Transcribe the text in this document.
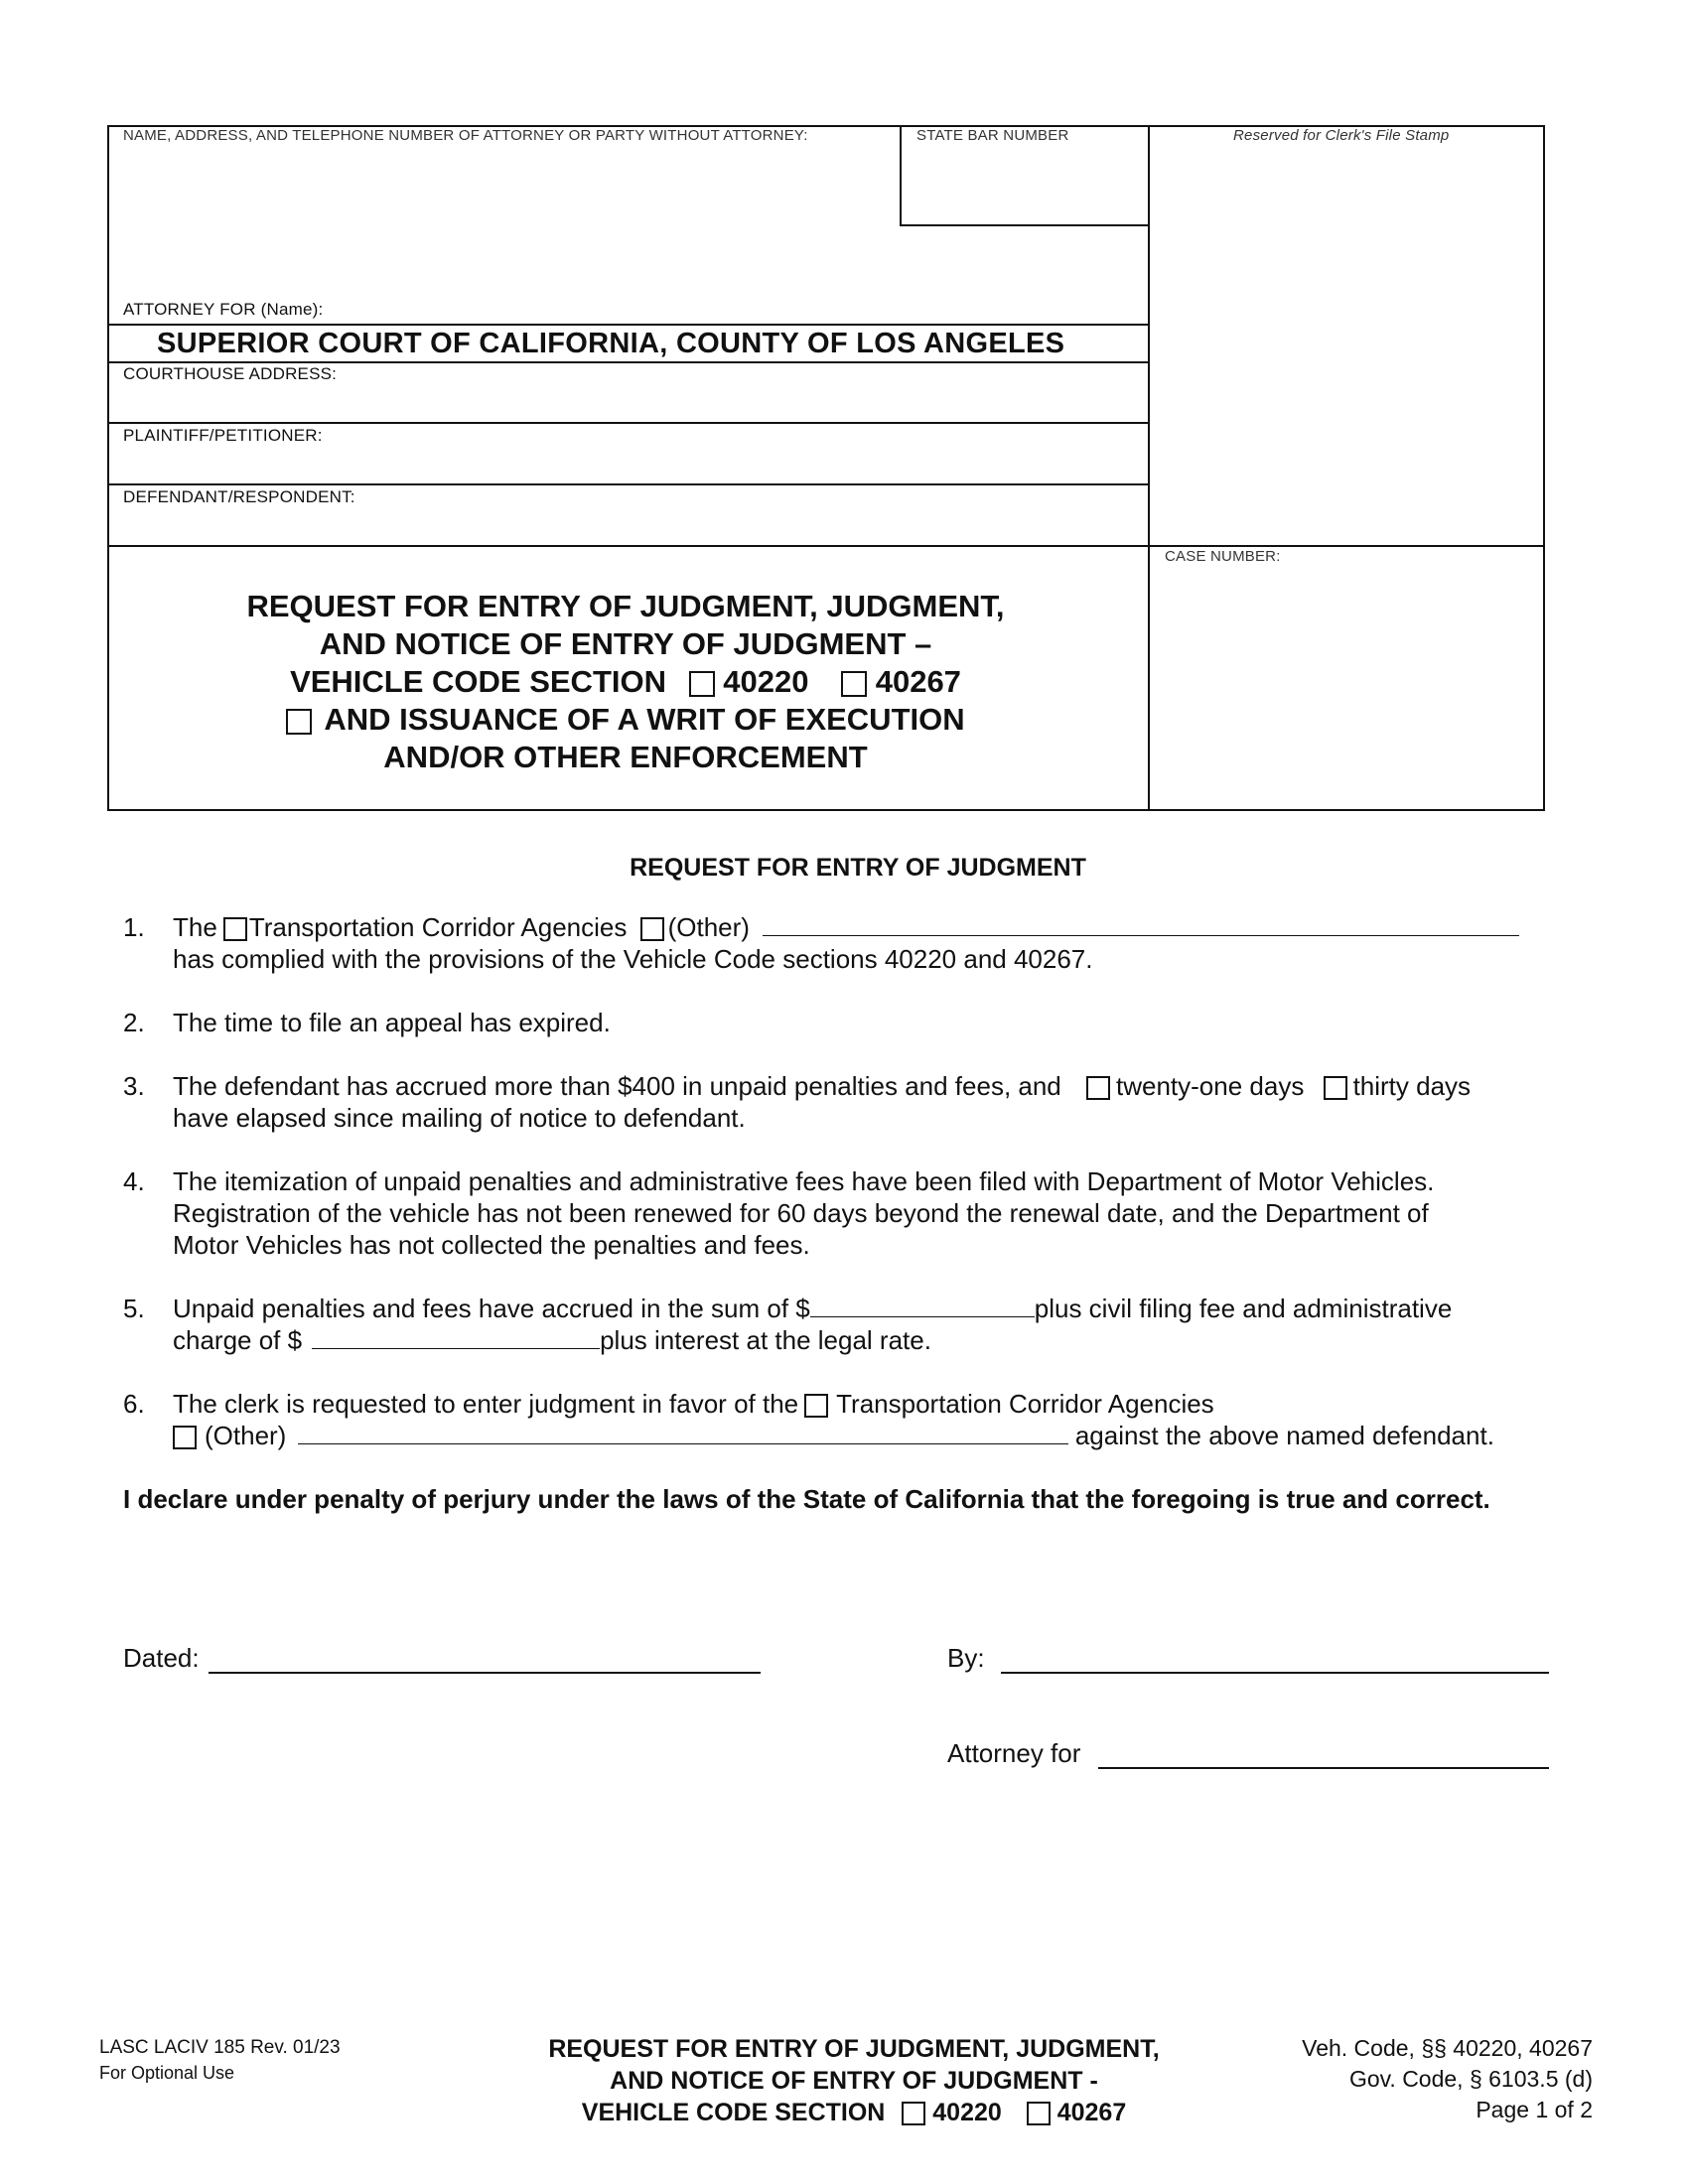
NAME, ADDRESS, AND TELEPHONE NUMBER OF ATTORNEY OR PARTY WITHOUT ATTORNEY:	STATE BAR NUMBER	Reserved for Clerk's File Stamp
ATTORNEY FOR (Name):
SUPERIOR COURT OF CALIFORNIA, COUNTY OF LOS ANGELES
COURTHOUSE ADDRESS:
PLAINTIFF/PETITIONER:
DEFENDANT/RESPONDENT:
CASE NUMBER:
REQUEST FOR ENTRY OF JUDGMENT, JUDGMENT,
AND NOTICE OF ENTRY OF JUDGMENT –
VEHICLE CODE SECTION 40220 40267
AND ISSUANCE OF A WRIT OF EXECUTION
AND/OR OTHER ENFORCEMENT
REQUEST FOR ENTRY OF JUDGMENT
1. The Transportation Corridor Agencies (Other)
has complied with the provisions of the Vehicle Code sections 40220 and 40267.
2. The time to file an appeal has expired.
3. The defendant has accrued more than $400 in unpaid penalties and fees, and twenty-one days thirty days
have elapsed since mailing of notice to defendant.
4. The itemization of unpaid penalties and administrative fees have been filed with Department of Motor Vehicles.
Registration of the vehicle has not been renewed for 60 days beyond the renewal date, and the Department of
Motor Vehicles has not collected the penalties and fees.
5. Unpaid penalties and fees have accrued in the sum of $	plus civil filing fee and administrative
charge of $	plus interest at the legal rate.
6. The clerk is requested to enter judgment in favor of the Transportation Corridor Agencies
(Other)	against the above named defendant.
I declare under penalty of perjury under the laws of the State of California that the foregoing is true and correct.
Dated:	By:
Attorney for
LASC LACIV 185 Rev. 01/23
For Optional Use
REQUEST FOR ENTRY OF JUDGMENT, JUDGMENT,
AND NOTICE OF ENTRY OF JUDGMENT -
VEHICLE CODE SECTION 40220 40267
Veh. Code, §§ 40220, 40267
Gov. Code, § 6103.5 (d)
Page 1 of 2
